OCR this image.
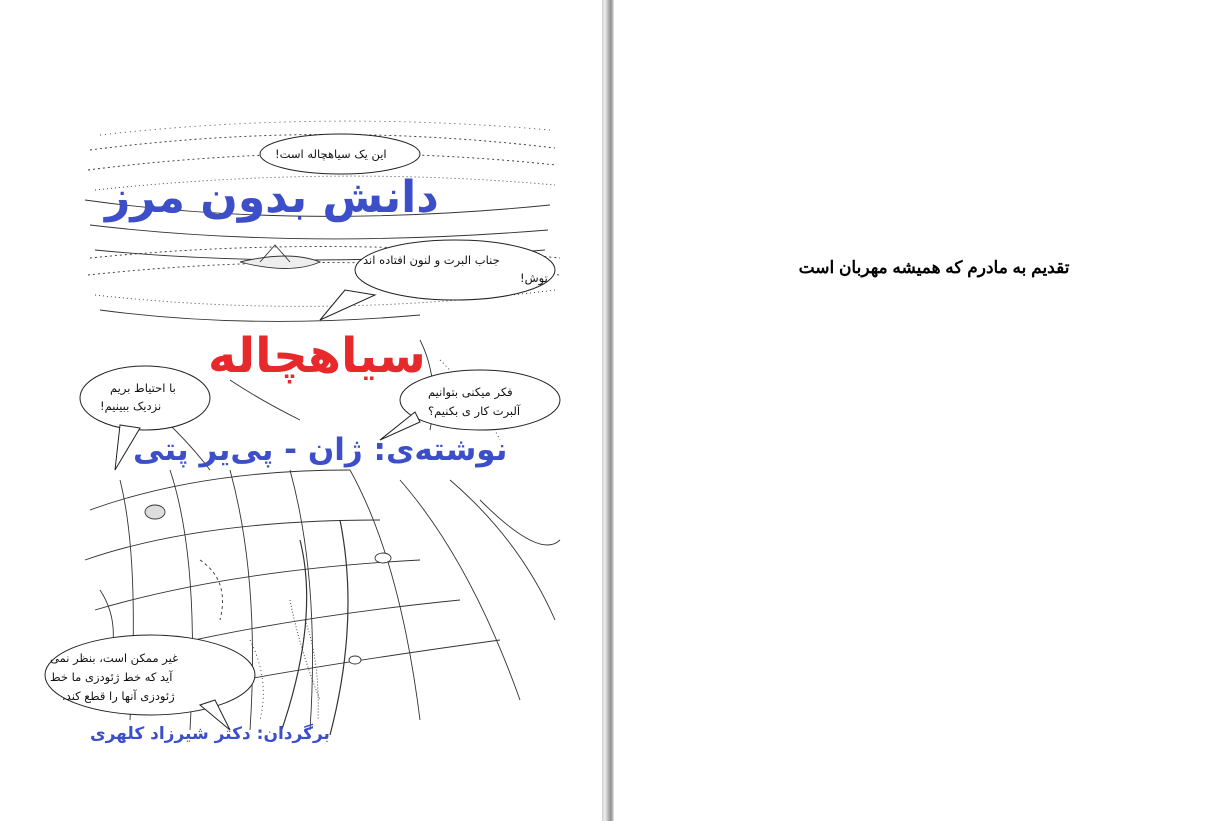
این یک سیاهچاله است!
دانش بدون مرز
جناب البرت و لنون افتاده اند
توش!
سیاهچاله
با احتیاط بریم
نزدیک ببینیم!
فکر میکنی بتوانیم
آلبرت کار ی بکنیم؟
نوشته‌ی: ژان - پی‌یر پتی
غیر ممکن است، بنظر نمی
آید که خط ژئودزی ما خط
ژئودزی آنها را قطع کند.
برگردان: دکتر شیرزاد کلهری
تقدیم به مادرم که همیشه مهربان است
